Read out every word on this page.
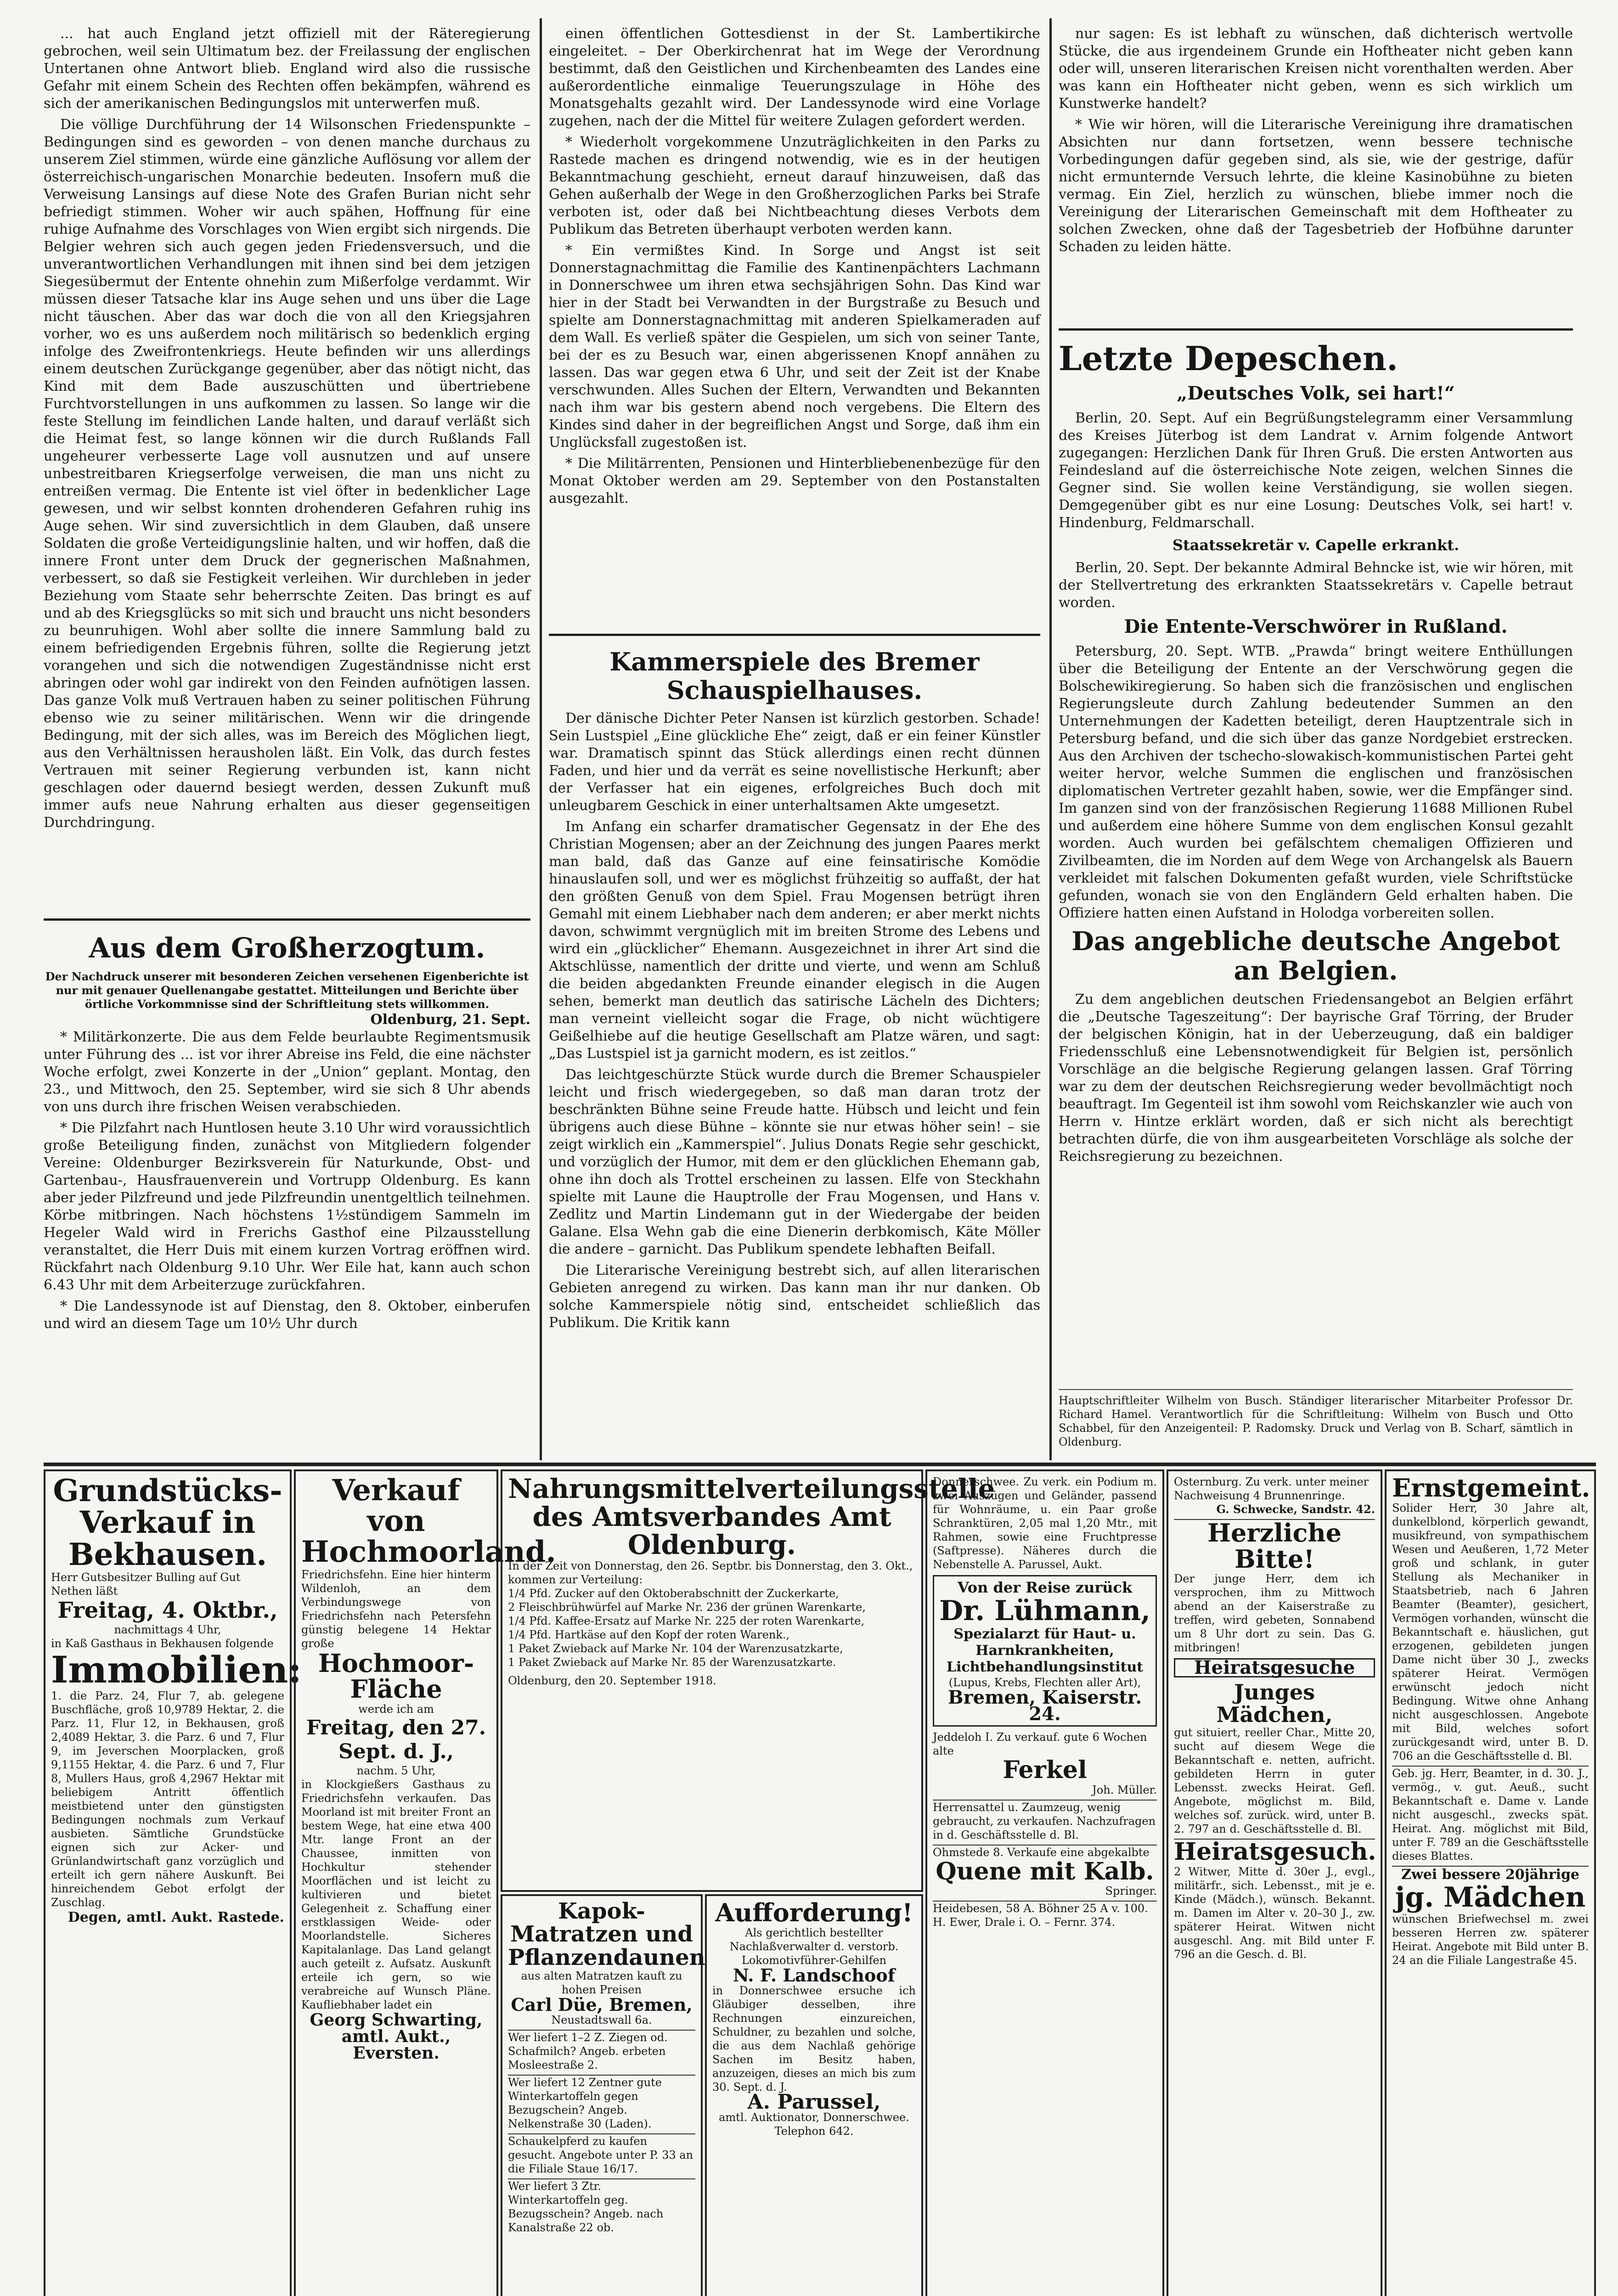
... hat auch England jetzt offiziell mit der Räteregierung gebrochen, weil sein Ultimatum bez. der Freilassung der englischen Untertanen ohne Antwort blieb. England wird also die russische Gefahr mit einem Schein des Rechten offen bekämpfen, während es sich der amerikanischen Bedingungslos mit unterwerfen muß.

Die völlige Durchführung der 14 Wilsonschen Friedenspunkte – Bedingungen sind es geworden – von denen manche durchaus zu unserem Ziel stimmen, würde eine gänzliche Auflösung vor allem der österreichisch-ungarischen Monarchie bedeuten. Insofern muß die Verweisung Lansings auf diese Note des Grafen Burian nicht sehr befriedigt stimmen. Woher wir auch spähen, Hoffnung für eine ruhige Aufnahme des Vorschlages von Wien ergibt sich nirgends. Die Belgier wehren sich auch gegen jeden Friedensversuch, und die unverantwortlichen Verhandlungen mit ihnen sind bei dem jetzigen Siegesübermut der Entente ohnehin zum Mißerfolge verdammt. Wir müssen dieser Tatsache klar ins Auge sehen und uns über die Lage nicht täuschen. Aber das war doch die von all den Kriegsjahren vorher, wo es uns außerdem noch militärisch so bedenklich erging infolge des Zweifrontenkriegs. Heute befinden wir uns allerdings einem deutschen Zurückgange gegenüber, aber das nötigt nicht, das Kind mit dem Bade auszuschütten und übertriebene Furchtvorstellungen in uns aufkommen zu lassen. So lange wir die feste Stellung im feindlichen Lande halten, und darauf verläßt sich die Heimat fest, so lange können wir die durch Rußlands Fall ungeheurer verbesserte Lage voll ausnutzen und auf unsere unbestreitbaren Kriegserfolge verweisen, die man uns nicht zu entreißen vermag. Die Entente ist viel öfter in bedenklicher Lage gewesen, und wir selbst konnten drohenderen Gefahren ruhig ins Auge sehen. Wir sind zuversichtlich in dem Glauben, daß unsere Soldaten die große Verteidigungslinie halten, und wir hoffen, daß die innere Front unter dem Druck der gegnerischen Maßnahmen, verbessert, so daß sie Festigkeit verleihen. Wir durchleben in jeder Beziehung vom Staate sehr beherrschte Zeiten. Das bringt es auf und ab des Kriegsglücks so mit sich und braucht uns nicht besonders zu beunruhigen. Wohl aber sollte die innere Sammlung bald zu einem befriedigenden Ergebnis führen, sollte die Regierung jetzt vorangehen und sich die notwendigen Zugeständnisse nicht erst abringen oder wohl gar indirekt von den Feinden aufnötigen lassen. Das ganze Volk muß Vertrauen haben zu seiner politischen Führung ebenso wie zu seiner militärischen. Wenn wir die dringende Bedingung, mit der sich alles, was im Bereich des Möglichen liegt, aus den Verhältnissen herausholen läßt. Ein Volk, das durch festes Vertrauen mit seiner Regierung verbunden ist, kann nicht geschlagen oder dauernd besiegt werden, dessen Zukunft muß immer aufs neue Nahrung erhalten aus dieser gegenseitigen Durchdringung.

Aus dem Großherzogtum.
Der Nachdruck unserer mit besonderen Zeichen versehenen Eigenberichte ist nur mit genauer Quellenangabe gestattet. Mitteilungen und Berichte über örtliche Vorkommnisse sind der Schriftleitung stets willkommen.
Oldenburg, 21. Sept.

* Militärkonzerte. Die aus dem Felde beurlaubte Regimentsmusik unter Führung des ... ist vor ihrer Abreise ins Feld, die eine nächster Woche erfolgt, zwei Konzerte in der „Union“ geplant. Montag, den 23., und Mittwoch, den 25. September, wird sie sich 8 Uhr abends von uns durch ihre frischen Weisen verabschieden.

* Die Pilzfahrt nach Huntlosen heute 3.10 Uhr wird voraussichtlich große Beteiligung finden, zunächst von Mitgliedern folgender Vereine: Oldenburger Bezirksverein für Naturkunde, Obst- und Gartenbau-, Hausfrauenverein und Vortrupp Oldenburg. Es kann aber jeder Pilzfreund und jede Pilzfreundin unentgeltlich teilnehmen. Körbe mitbringen. Nach höchstens 1½stündigem Sammeln im Hegeler Wald wird in Frerichs Gasthof eine Pilzausstellung veranstaltet, die Herr Duis mit einem kurzen Vortrag eröffnen wird. Rückfahrt nach Oldenburg 9.10 Uhr. Wer Eile hat, kann auch schon 6.43 Uhr mit dem Arbeiterzuge zurückfahren.

* Die Landessynode ist auf Dienstag, den 8. Oktober, einberufen und wird an diesem Tage um 10½ Uhr durch

einen öffentlichen Gottesdienst in der St. Lambertikirche eingeleitet. – Der Oberkirchenrat hat im Wege der Verordnung bestimmt, daß den Geistlichen und Kirchenbeamten des Landes eine außerordentliche einmalige Teuerungszulage in Höhe des Monatsgehalts gezahlt wird. Der Landessynode wird eine Vorlage zugehen, nach der die Mittel für weitere Zulagen gefordert werden.

* Wiederholt vorgekommene Unzuträglichkeiten in den Parks zu Rastede machen es dringend notwendig, wie es in der heutigen Bekanntmachung geschieht, erneut darauf hinzuweisen, daß das Gehen außerhalb der Wege in den Großherzoglichen Parks bei Strafe verboten ist, oder daß bei Nichtbeachtung dieses Verbots dem Publikum das Betreten überhaupt verboten werden kann.

* Ein vermißtes Kind. In Sorge und Angst ist seit Donnerstagnachmittag die Familie des Kantinenpächters Lachmann in Donnerschwee um ihren etwa sechsjährigen Sohn. Das Kind war hier in der Stadt bei Verwandten in der Burgstraße zu Besuch und spielte am Donnerstagnachmittag mit anderen Spielkameraden auf dem Wall. Es verließ später die Gespielen, um sich von seiner Tante, bei der es zu Besuch war, einen abgerissenen Knopf annähen zu lassen. Das war gegen etwa 6 Uhr, und seit der Zeit ist der Knabe verschwunden. Alles Suchen der Eltern, Verwandten und Bekannten nach ihm war bis gestern abend noch vergebens. Die Eltern des Kindes sind daher in der begreiflichen Angst und Sorge, daß ihm ein Unglücksfall zugestoßen ist.

* Die Militärrenten, Pensionen und Hinterbliebenenbezüge für den Monat Oktober werden am 29. September von den Postanstalten ausgezahlt.

Kammerspiele des Bremer Schauspielhauses.

Der dänische Dichter Peter Nansen ist kürzlich gestorben. Schade! Sein Lustspiel „Eine glückliche Ehe“ zeigt, daß er ein feiner Künstler war. Dramatisch spinnt das Stück allerdings einen recht dünnen Faden, und hier und da verrät es seine novellistische Herkunft; aber der Verfasser hat ein eigenes, erfolgreiches Buch doch mit unleugbarem Geschick in einer unterhaltsamen Akte umgesetzt.

Im Anfang ein scharfer dramatischer Gegensatz in der Ehe des Christian Mogensen; aber an der Zeichnung des jungen Paares merkt man bald, daß das Ganze auf eine feinsatirische Komödie hinauslaufen soll, und wer es möglichst frühzeitig so auffaßt, der hat den größten Genuß von dem Spiel. Frau Mogensen betrügt ihren Gemahl mit einem Liebhaber nach dem anderen; er aber merkt nichts davon, schwimmt vergnüglich mit im breiten Strome des Lebens und wird ein „glücklicher“ Ehemann. Ausgezeichnet in ihrer Art sind die Aktschlüsse, namentlich der dritte und vierte, und wenn am Schluß die beiden abgedankten Freunde einander elegisch in die Augen sehen, bemerkt man deutlich das satirische Lächeln des Dichters; man verneint vielleicht sogar die Frage, ob nicht wüchtigere Geißelhiebe auf die heutige Gesellschaft am Platze wären, und sagt: „Das Lustspiel ist ja garnicht modern, es ist zeitlos.“

Das leichtgeschürzte Stück wurde durch die Bremer Schauspieler leicht und frisch wiedergegeben, so daß man daran trotz der beschränkten Bühne seine Freude hatte. Hübsch und leicht und fein übrigens auch diese Bühne – könnte sie nur etwas höher sein! – sie zeigt wirklich ein „Kammerspiel“. Julius Donats Regie sehr geschickt, und vorzüglich der Humor, mit dem er den glücklichen Ehemann gab, ohne ihn doch als Trottel erscheinen zu lassen. Elfe von Steckhahn spielte mit Laune die Hauptrolle der Frau Mogensen, und Hans v. Zedlitz und Martin Lindemann gut in der Wiedergabe der beiden Galane. Elsa Wehn gab die eine Dienerin derbkomisch, Käte Möller die andere – garnicht. Das Publikum spendete lebhaften Beifall.

Die Literarische Vereinigung bestrebt sich, auf allen literarischen Gebieten anregend zu wirken. Das kann man ihr nur danken. Ob solche Kammerspiele nötig sind, entscheidet schließlich das Publikum. Die Kritik kann

nur sagen: Es ist lebhaft zu wünschen, daß dichterisch wertvolle Stücke, die aus irgendeinem Grunde ein Hoftheater nicht geben kann oder will, unseren literarischen Kreisen nicht vorenthalten werden. Aber was kann ein Hoftheater nicht geben, wenn es sich wirklich um Kunstwerke handelt?

* Wie wir hören, will die Literarische Vereinigung ihre dramatischen Absichten nur dann fortsetzen, wenn bessere technische Vorbedingungen dafür gegeben sind, als sie, wie der gestrige, dafür nicht ermunternde Versuch lehrte, die kleine Kasinobühne zu bieten vermag. Ein Ziel, herzlich zu wünschen, bliebe immer noch die Vereinigung der Literarischen Gemeinschaft mit dem Hoftheater zu solchen Zwecken, ohne daß der Tagesbetrieb der Hofbühne darunter Schaden zu leiden hätte.

Letzte Depeschen.
„Deutsches Volk, sei hart!“

Berlin, 20. Sept. Auf ein Begrüßungstelegramm einer Versammlung des Kreises Jüterbog ist dem Landrat v. Arnim folgende Antwort zugegangen: Herzlichen Dank für Ihren Gruß. Die ersten Antworten aus Feindesland auf die österreichische Note zeigen, welchen Sinnes die Gegner sind. Sie wollen keine Verständigung, sie wollen siegen. Demgegenüber gibt es nur eine Losung: Deutsches Volk, sei hart! v. Hindenburg, Feldmarschall.

Staatssekretär v. Capelle erkrankt.

Berlin, 20. Sept. Der bekannte Admiral Behncke ist, wie wir hören, mit der Stellvertretung des erkrankten Staatssekretärs v. Capelle betraut worden.

Die Entente-Verschwörer in Rußland.

Petersburg, 20. Sept. WTB. „Prawda“ bringt weitere Enthüllungen über die Beteiligung der Entente an der Verschwörung gegen die Bolschewikiregierung. So haben sich die französischen und englischen Regierungsleute durch Zahlung bedeutender Summen an den Unternehmungen der Kadetten beteiligt, deren Hauptzentrale sich in Petersburg befand, und die sich über das ganze Nordgebiet erstrecken. Aus den Archiven der tschecho-slowakisch-kommunistischen Partei geht weiter hervor, welche Summen die englischen und französischen diplomatischen Vertreter gezahlt haben, sowie, wer die Empfänger sind. Im ganzen sind von der französischen Regierung 11688 Millionen Rubel und außerdem eine höhere Summe von dem englischen Konsul gezahlt worden. Auch wurden bei gefälschtem chemaligen Offizieren und Zivilbeamten, die im Norden auf dem Wege von Archangelsk als Bauern verkleidet mit falschen Dokumenten gefaßt wurden, viele Schriftstücke gefunden, wonach sie von den Engländern Geld erhalten haben. Die Offiziere hatten einen Aufstand in Holodga vorbereiten sollen.

Das angebliche deutsche Angebot an Belgien.

Zu dem angeblichen deutschen Friedensangebot an Belgien erfährt die „Deutsche Tageszeitung“: Der bayrische Graf Törring, der Bruder der belgischen Königin, hat in der Ueberzeugung, daß ein baldiger Friedensschluß eine Lebensnotwendigkeit für Belgien ist, persönlich Vorschläge an die belgische Regierung gelangen lassen. Graf Törring war zu dem der deutschen Reichsregierung weder bevollmächtigt noch beauftragt. Im Gegenteil ist ihm sowohl vom Reichskanzler wie auch von Herrn v. Hintze erklärt worden, daß er sich nicht als berechtigt betrachten dürfe, die von ihm ausgearbeiteten Vorschläge als solche der Reichsregierung zu bezeichnen.

Hauptschriftleiter Wilhelm von Busch. Ständiger literarischer Mitarbeiter Professor Dr. Richard Hamel. Verantwortlich für die Schriftleitung: Wilhelm von Busch und Otto Schabbel, für den Anzeigenteil: P. Radomsky. Druck und Verlag von B. Scharf, sämtlich in Oldenburg.
Grundstücks-Verkauf in Bekhausen.
Herr Gutsbesitzer Bulling auf Gut Nethen läßt
Freitag, 4. Oktbr.,
nachmittags 4 Uhr,
in Kaß Gasthaus in Bekhausen folgende
Immobilien:
1. die Parz. 24, Flur 7, ab. gelegene Buschfläche, groß 10,9789 Hektar, 2. die Parz. 11, Flur 12, in Bekhausen, groß 2,4089 Hektar, 3. die Parz. 6 und 7, Flur 9, im Jeverschen Moorplacken, groß 9,1155 Hektar, 4. die Parz. 6 und 7, Flur 8, Mullers Haus, groß 4,2967 Hektar mit beliebigem Antritt öffentlich meistbietend unter den günstigsten Bedingungen nochmals zum Verkauf ausbieten. Sämtliche Grundstücke eignen sich zur Acker- und Grünlandwirtschaft ganz vorzüglich und erteilt ich gern nähere Auskunft. Bei hinreichendem Gebot erfolgt der Zuschlag.
Degen, amtl. Aukt. Rastede.
Verkauf von Hochmoorland.
Friedrichsfehn. Eine hier hinterm Wildenloh, an dem Verbindungswege von Friedrichsfehn nach Petersfehn günstig belegene 14 Hektar große
Hochmoor-Fläche
werde ich am
Freitag, den 27. Sept. d. J.,
nachm. 5 Uhr,
in Klockgießers Gasthaus zu Friedrichsfehn verkaufen. Das Moorland ist mit breiter Front an bestem Wege, hat eine etwa 400 Mtr. lange Front an der Chaussee, inmitten von Hochkultur stehender Moorflächen und ist leicht zu kultivieren und bietet Gelegenheit z. Schaffung einer erstklassigen Weide- oder Moorlandstelle. Sicheres Kapitalanlage. Das Land gelangt auch geteilt z. Aufsatz. Auskunft erteile ich gern, so wie verabreiche auf Wunsch Pläne. Kaufliebhaber ladet ein
Georg Schwarting, amtl. Aukt., Eversten.
Nahrungsmittelverteilungsstelle des Amtsverbandes Amt Oldenburg.
In der Zeit von Donnerstag, den 26. Septbr. bis Donnerstag, den 3. Okt., kommen zur Verteilung:
1/4 Pfd. Zucker auf den Oktoberabschnitt der Zuckerkarte,
2 Fleischbrühwürfel auf Marke Nr. 236 der grünen Warenkarte,
1/4 Pfd. Kaffee-Ersatz auf Marke Nr. 225 der roten Warenkarte,
1/4 Pfd. Hartkäse auf den Kopf der roten Warenk.,
1 Paket Zwieback auf Marke Nr. 104 der Warenzusatzkarte,
1 Paket Zwieback auf Marke Nr. 85 der Warenzusatzkarte.
Oldenburg, den 20. September 1918.
Kapok-Matratzen und Pflanzendaunen
aus alten Matratzen kauft zu hohen Preisen
Carl Düe, Bremen,
Neustadtswall 6a.
Wer liefert 1–2 Z. Ziegen od. Schafmilch? Angeb. erbeten Mosleestraße 2.
Wer liefert 12 Zentner gute Winterkartoffeln gegen Bezugschein? Angeb. Nelkenstraße 30 (Laden).
Schaukelpferd zu kaufen gesucht. Angebote unter P. 33 an die Filiale Staue 16/17.
Wer liefert 3 Ztr. Winterkartoffeln geg. Bezugsschein? Angeb. nach Kanalstraße 22 ob.
Aufforderung!
Als gerichtlich bestellter Nachlaßverwalter d. verstorb. Lokomotivführer-Gehilfen
N. F. Landschoof
in Donnerschwee ersuche ich Gläubiger desselben, ihre Rechnungen einzureichen, Schuldner, zu bezahlen und solche, die aus dem Nachlaß gehörige Sachen im Besitz haben, anzuzeigen, dieses an mich bis zum 30. Sept. d. J.
A. Parussel,
amtl. Auktionator, Donnerschwee. Telephon 642.
Donnerschwee. Zu verk. ein Podium m. zwei Auszügen und Geländer, passend für Wohnräume, u. ein Paar große Schranktüren, 2,05 mal 1,20 Mtr., mit Rahmen, sowie eine Fruchtpresse (Saftpresse). Näheres durch die Nebenstelle A. Parussel, Aukt.
Von der Reise zurück
Dr. Lühmann,
Spezialarzt für Haut- u. Harnkrankheiten,
Lichtbehandlungsinstitut
(Lupus, Krebs, Flechten aller Art),
Bremen, Kaiserstr. 24.
Jeddeloh I. Zu verkauf. gute 6 Wochen alte
Ferkel
Joh. Müller.
Herrensattel u. Zaumzeug, wenig gebraucht, zu verkaufen. Nachzufragen in d. Geschäftsstelle d. Bl.
Ohmstede 8. Verkaufe eine abgekalbte
Quene mit Kalb.
Springer.
Heidebesen, 58 A. Böhner 25 A v. 100. H. Ewer, Drale i. O. – Fernr. 374.
Osternburg. Zu verk. unter meiner Nachweisung 4 Brunnenringe.
G. Schwecke, Sandstr. 42.
Herzliche Bitte!
Der junge Herr, dem ich versprochen, ihm zu Mittwoch abend an der Kaiserstraße zu treffen, wird gebeten, Sonnabend um 8 Uhr dort zu sein. Das G. mitbringen!
Heiratsgesuche
Junges Mädchen,
gut situiert, reeller Char., Mitte 20, sucht auf diesem Wege die Bekanntschaft e. netten, aufricht. gebildeten Herrn in guter Lebensst. zwecks Heirat. Gefl. Angebote, möglichst m. Bild, welches sof. zurück. wird, unter B. 2. 797 an d. Geschäftsstelle d. Bl.
Heiratsgesuch.
2 Witwer, Mitte d. 30er J., evgl., militärfr., sich. Lebensst., mit je e. Kinde (Mädch.), wünsch. Bekannt. m. Damen im Alter v. 20–30 J., zw. späterer Heirat. Witwen nicht ausgeschl. Ang. mit Bild unter F. 796 an die Gesch. d. Bl.
Ernstgemeint.
Solider Herr, 30 Jahre alt, dunkelblond, körperlich gewandt, musikfreund, von sympathischem Wesen und Aeußeren, 1,72 Meter groß und schlank, in guter Stellung als Mechaniker in Staatsbetrieb, nach 6 Jahren Beamter (Beamter), gesichert, Vermögen vorhanden, wünscht die Bekanntschaft e. häuslichen, gut erzogenen, gebildeten jungen Dame nicht über 30 J., zwecks späterer Heirat. Vermögen erwünscht jedoch nicht Bedingung. Witwe ohne Anhang nicht ausgeschlossen. Angebote mit Bild, welches sofort zurückgesandt wird, unter B. D. 706 an die Geschäftsstelle d. Bl.
Geb. jg. Herr, Beamter, in d. 30. J., vermög., v. gut. Aeuß., sucht Bekanntschaft e. Dame v. Lande nicht ausgeschl., zwecks spät. Heirat. Ang. möglichst mit Bild, unter F. 789 an die Geschäftsstelle dieses Blattes.
Zwei bessere 20jährige
jg. Mädchen
wünschen Briefwechsel m. zwei besseren Herren zw. späterer Heirat. Angebote mit Bild unter B. 24 an die Filiale Langestraße 45.
